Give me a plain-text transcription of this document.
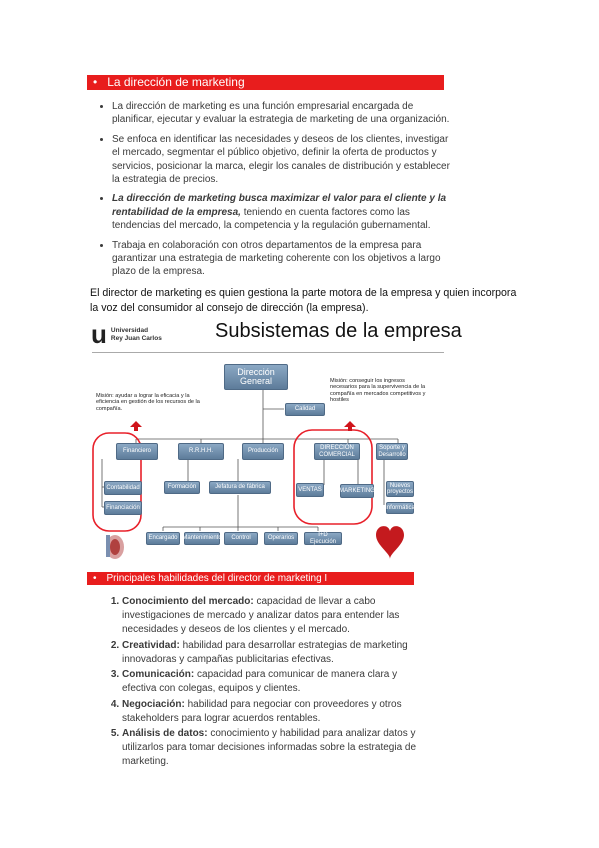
• La dirección de marketing
• La dirección de marketing es una función empresarial encargada de planificar, ejecutar y evaluar la estrategia de marketing de una organización.
• Se enfoca en identificar las necesidades y deseos de los clientes, investigar el mercado, segmentar el público objetivo, definir la oferta de productos y servicios, posicionar la marca, elegir los canales de distribución y establecer la estrategia de precios.
• La dirección de marketing busca maximizar el valor para el cliente y la rentabilidad de la empresa, teniendo en cuenta factores como las tendencias del mercado, la competencia y la regulación gubernamental.
• Trabaja en colaboración con otros departamentos de la empresa para garantizar una estrategia de marketing coherente con los objetivos a largo plazo de la empresa.

El director de marketing es quien gestiona la parte motora de la empresa y quien incorpora la voz del consumidor al consejo de dirección (la empresa).

u Universidad
Rey Juan Carlos	Subsistemas de la empresa
Misión: ayudar a lograr la eficacia y la eficiencia en gestión de los recursos de la compañía.
Misión: conseguir los ingresos necesarios para la supervivencia de la compañía en mercados competitivos y hostiles
Dirección General
Calidad
Financiero	R.R.H.H.	Producción
DIRECCIÓN COMERCIAL
Soporte y Desarrollo
Contabilidad
Financiación
Formación	Jefatura de fábrica	VENTAS	MARKETING
Nuevos proyectos
Informática
Encargado Mantenimiento	Control	Operarios
I+D Ejecución
• Principales habilidades del director de marketing I
1. Conocimiento del mercado: capacidad de llevar a cabo investigaciones de mercado y analizar datos para entender las necesidades y deseos de los clientes y el mercado.
2. Creatividad: habilidad para desarrollar estrategias de marketing innovadoras y campañas publicitarias efectivas.
3. Comunicación: capacidad para comunicar de manera clara y efectiva con colegas, equipos y clientes.
4. Negociación: habilidad para negociar con proveedores y otros stakeholders para lograr acuerdos rentables.
5. Análisis de datos: conocimiento y habilidad para analizar datos y utilizarlos para tomar decisiones informadas sobre la estrategia de marketing.
